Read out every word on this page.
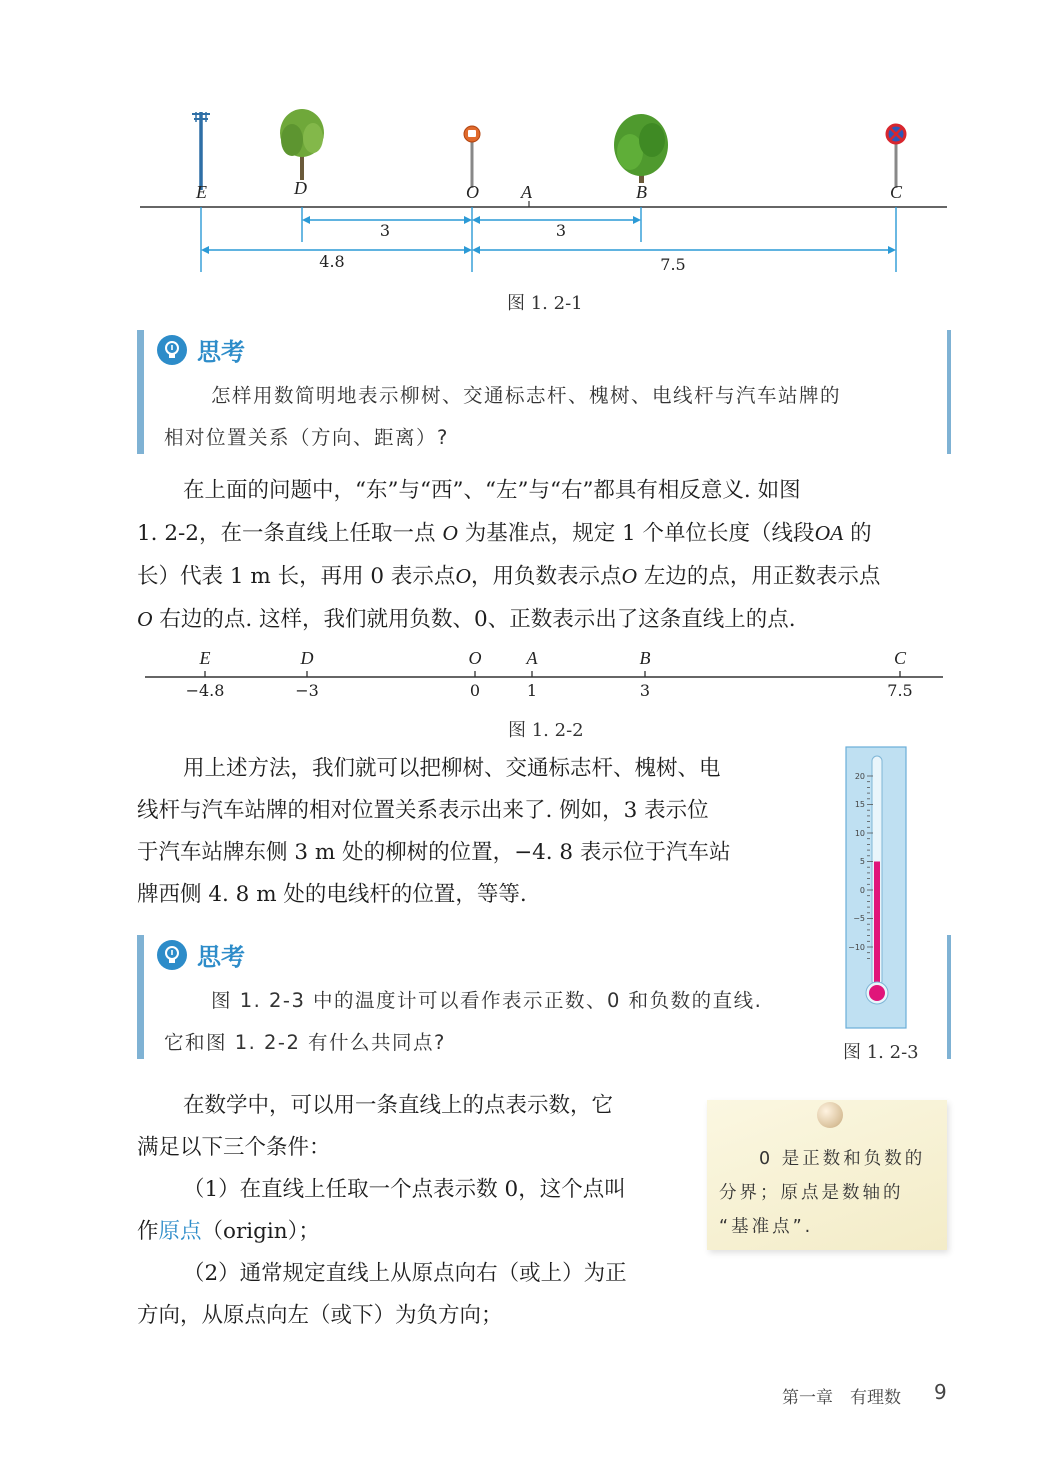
E	D	O A	B	C
3	3
4.8	7.5
图 1. 2-1
思考
怎样用数简明地表示柳树、交通标志杆、槐树、电线杆与汽车站牌的
相对位置关系（方向、距离）?

在上面的问题中，“东”与“西”、“左”与“右”都具有相反意义. 如图

1. 2-2，在一条直线上任取一点 O 为基准点，规定 1 个单位长度（线段OA 的

长）代表 1 m 长，再用 0 表示点O，用负数表示点O 左边的点，用正数表示点

O 右边的点. 这样，我们就用负数、0、正数表示出了这条直线上的点.

E	D	O	A	B	C
−4.8	−3	0	1	3	7.5
图 1. 2-2

用上述方法，我们就可以把柳树、交通标志杆、槐树、电

线杆与汽车站牌的相对位置关系表示出来了. 例如，3 表示位

于汽车站牌东侧 3 m 处的柳树的位置，−4. 8 表示位于汽车站

牌西侧 4. 8 m 处的电线杆的位置，等等.

20
15
10
5
0
−5
−10
思考
图 1. 2-3 中的温度计可以看作表示正数、0 和负数的直线.
它和图 1. 2-2 有什么共同点?	图 1. 2-3

在数学中，可以用一条直线上的点表示数，它

满足以下三个条件：

（1）在直线上任取一个点表示数 0，这个点叫

作原点（origin）；

（2）通常规定直线上从原点向右（或上）为正

方向，从原点向左（或下）为负方向；

0 是正数和负数的
分界；原点是数轴的
“基准点”.
第一章　有理数 9
